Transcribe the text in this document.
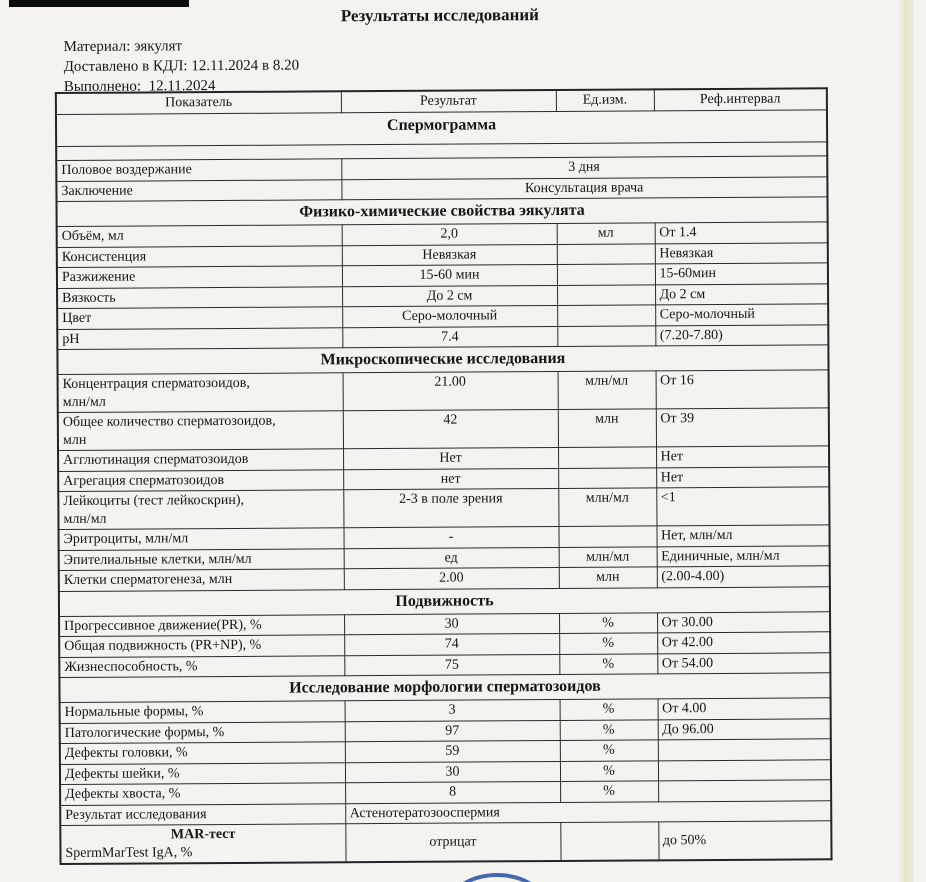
Результаты исследований
Материал: эякулят
Доставлено в КДЛ: 12.11.2024 в 8.20
Выполнено:  12.11.2024
Показатель	Результат	Ед.изм.	Реф.интервал
Спермограмма			

Половое воздержание	3 дня		
Заключение	Консультация врача		
Физико-химические свойства эякулята			
Объём, мл	2,0	мл	От 1.4
Консистенция	Невязкая		Невязкая
Разжижение	15-60 мин		15-60мин
Вязкость	До 2 см		До 2 см
Цвет	Серо-молочный		Серо-молочный
pH	7.4		(7.20-7.80)
Микроскопические исследования			
Концентрация сперматозоидов,
млн/мл	21.00	млн/мл	От 16
Общее количество сперматозоидов,
млн	42	млн	От 39
Агглютинация сперматозоидов	Нет		Нет
Агрегация сперматозоидов	нет		Нет
Лейкоциты (тест лейкоскрин),
млн/мл	2-3 в поле зрения	млн/мл	<1
Эритроциты, млн/мл	-		Нет, млн/мл
Эпителиальные клетки, млн/мл	ед	млн/мл	Единичные, млн/мл
Клетки сперматогенеза, млн	2.00	млн	(2.00-4.00)
Подвижность			
Прогрессивное движение(PR), %	30	%	От 30.00
Общая подвижность (PR+NP), %	74	%	От 42.00
Жизнеспособность, %	75	%	От 54.00
Исследование морфологии сперматозоидов			
Нормальные формы, %	3	%	От 4.00
Патологические формы, %	97	%	До 96.00
Дефекты головки, %	59	%	
Дефекты шейки, %	30	%	
Дефекты хвоста, %	8	%	
Результат исследования	Астенотератозооспермия		

MAR-тест
SpermMarTest IgA, %	отрицат		до 50%
